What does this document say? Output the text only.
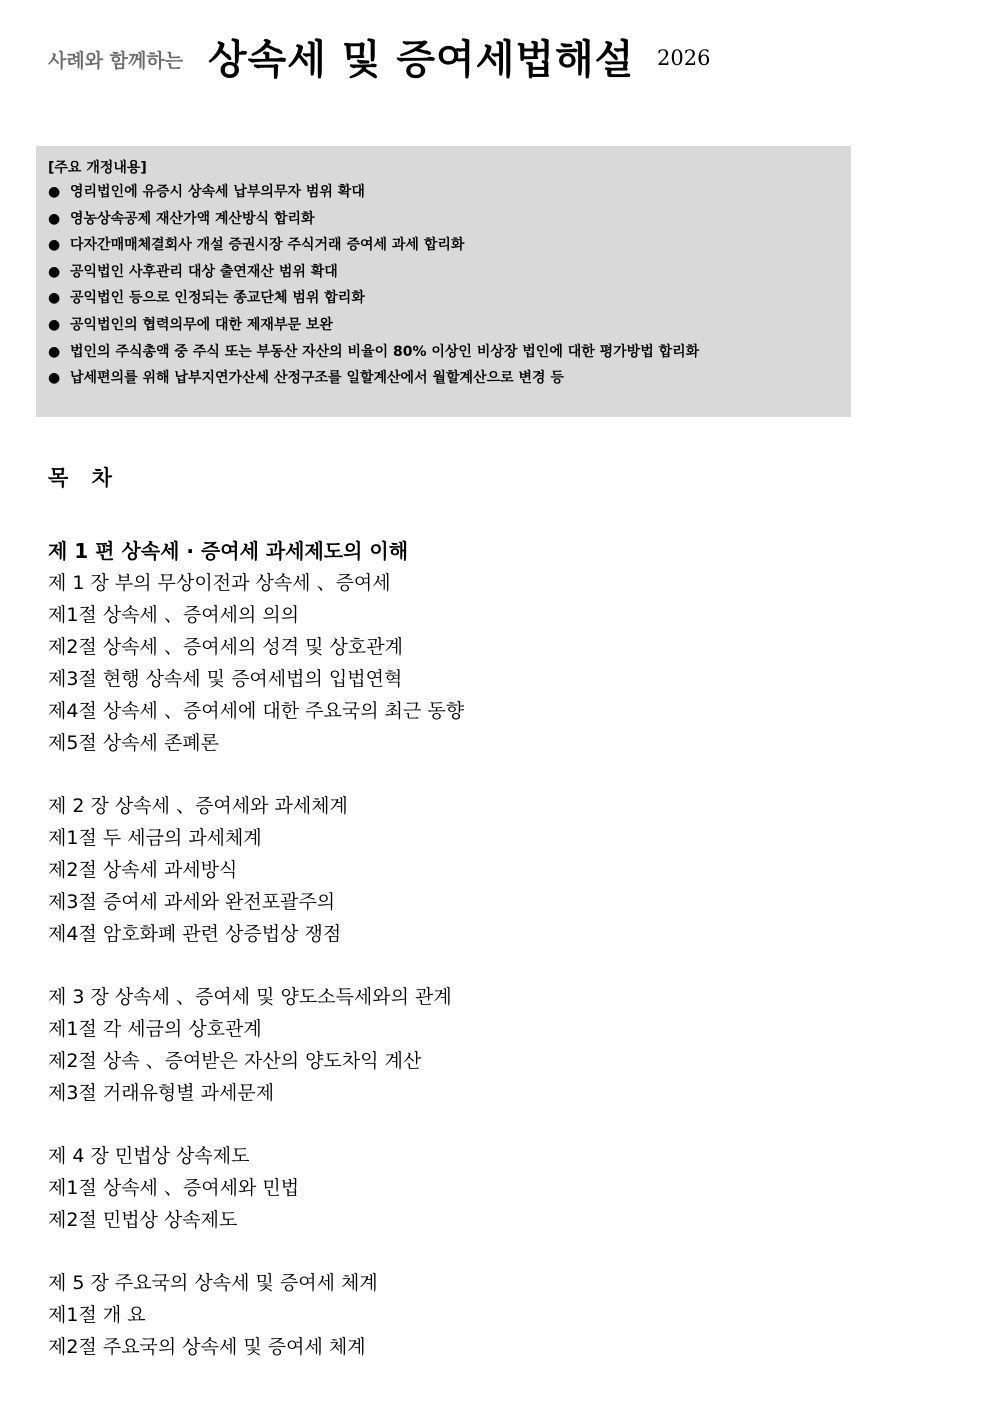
사례와 함께하는 상속세 및 증여세법해설 2026
[주요 개정내용]
● 영리법인에 유증시 상속세 납부의무자 범위 확대
● 영농상속공제 재산가액 계산방식 합리화
● 다자간매매체결회사 개설 증권시장 주식거래 증여세 과세 합리화
● 공익법인 사후관리 대상 출연재산 범위 확대
● 공익법인 등으로 인정되는 종교단체 범위 합리화
● 공익법인의 협력의무에 대한 제재부문 보완
● 법인의 주식총액 중 주식 또는 부동산 자산의 비율이 80% 이상인 비상장 법인에 대한 평가방법 합리화
● 납세편의를 위해 납부지연가산세 산정구조를 일할계산에서 월할계산으로 변경 등
목 차
제 1 편 상속세 · 증여세 과세제도의 이해
제 1 장 부의 무상이전과 상속세 、증여세
제1절 상속세 、증여세의 의의
제2절 상속세 、증여세의 성격 및 상호관계
제3절 현행 상속세 및 증여세법의 입법연혁
제4절 상속세 、증여세에 대한 주요국의 최근 동향
제5절 상속세 존폐론
제 2 장 상속세 、증여세와 과세체계
제1절 두 세금의 과세체계
제2절 상속세 과세방식
제3절 증여세 과세와 완전포괄주의
제4절 암호화폐 관련 상증법상 쟁점
제 3 장 상속세 、증여세 및 양도소득세와의 관계
제1절 각 세금의 상호관계
제2절 상속 、증여받은 자산의 양도차익 계산
제3절 거래유형별 과세문제
제 4 장 민법상 상속제도
제1절 상속세 、증여세와 민법
제2절 민법상 상속제도
제 5 장 주요국의 상속세 및 증여세 체계
제1절 개 요
제2절 주요국의 상속세 및 증여세 체계
